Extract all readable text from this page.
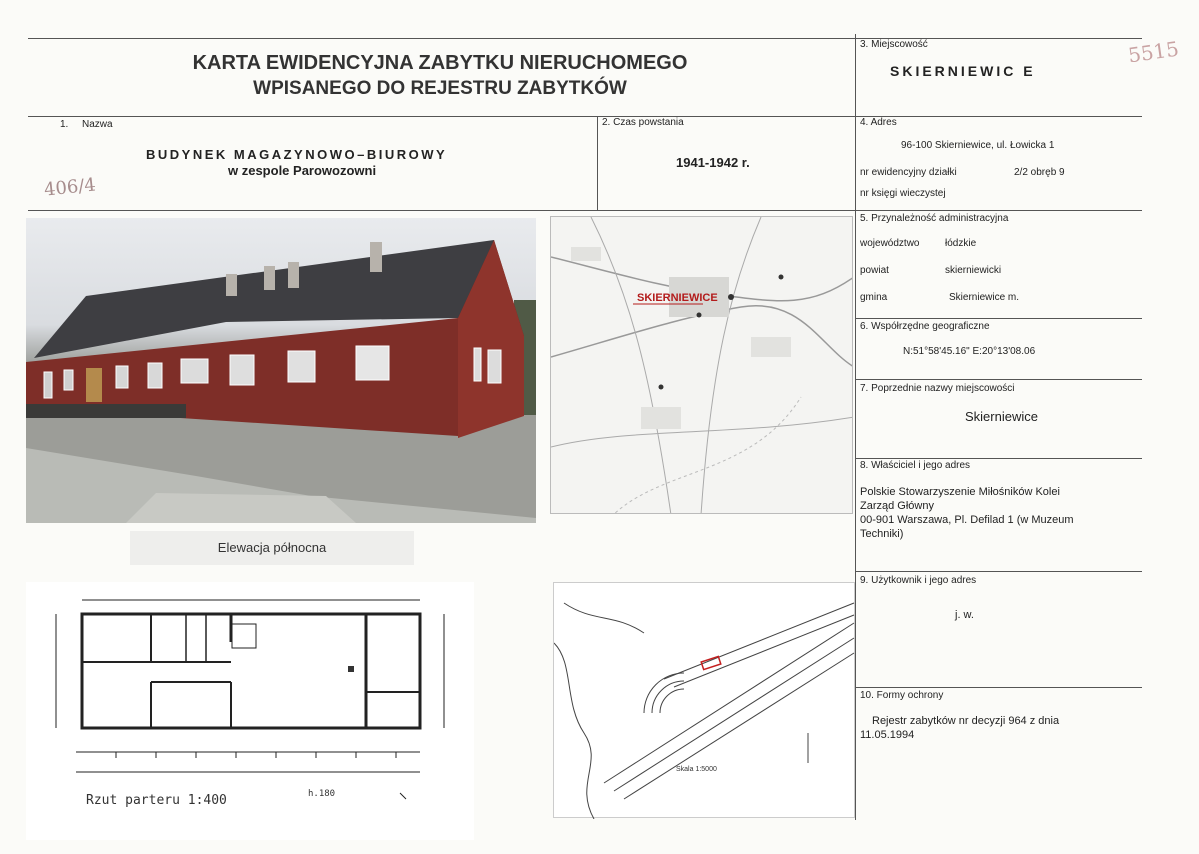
KARTA EWIDENCYJNA ZABYTKU NIERUCHOMEGO
WPISANEGO DO REJESTRU ZABYTKÓW
5515
3. Miejscowość
SKIERNIEWIC E
1. Nazwa
BUDYNEK MAGAZYNOWO–BIUROWY
w zespole Parowozowni
406/4
2. Czas powstania
1941-1942 r.
4. Adres
96-100 Skierniewice, ul. Łowicka 1
nr ewidencyjny działki	2/2 obręb 9
nr księgi wieczystej
5. Przynależność administracyjna
województwo	łódzkie
powiat	skierniewicki
gmina	Skierniewice m.
6. Współrzędne geograficzne
N:51°58'45.16" E:20°13'08.06
7. Poprzednie nazwy miejscowości
Skierniewice
8. Właściciel i jego adres
Polskie Stowarzyszenie Miłośników Kolei
Zarząd Główny
00-901 Warszawa, Pl. Defilad 1 (w Muzeum
Techniki)
9. Użytkownik i jego adres
j. w.
10. Formy ochrony
Rejestr zabytków nr decyzji 964 z dnia
11.05.1994
Elewacja północna
SKIERNIEWICE
Rzut parteru 1:400	h.180
Skala 1:5000
